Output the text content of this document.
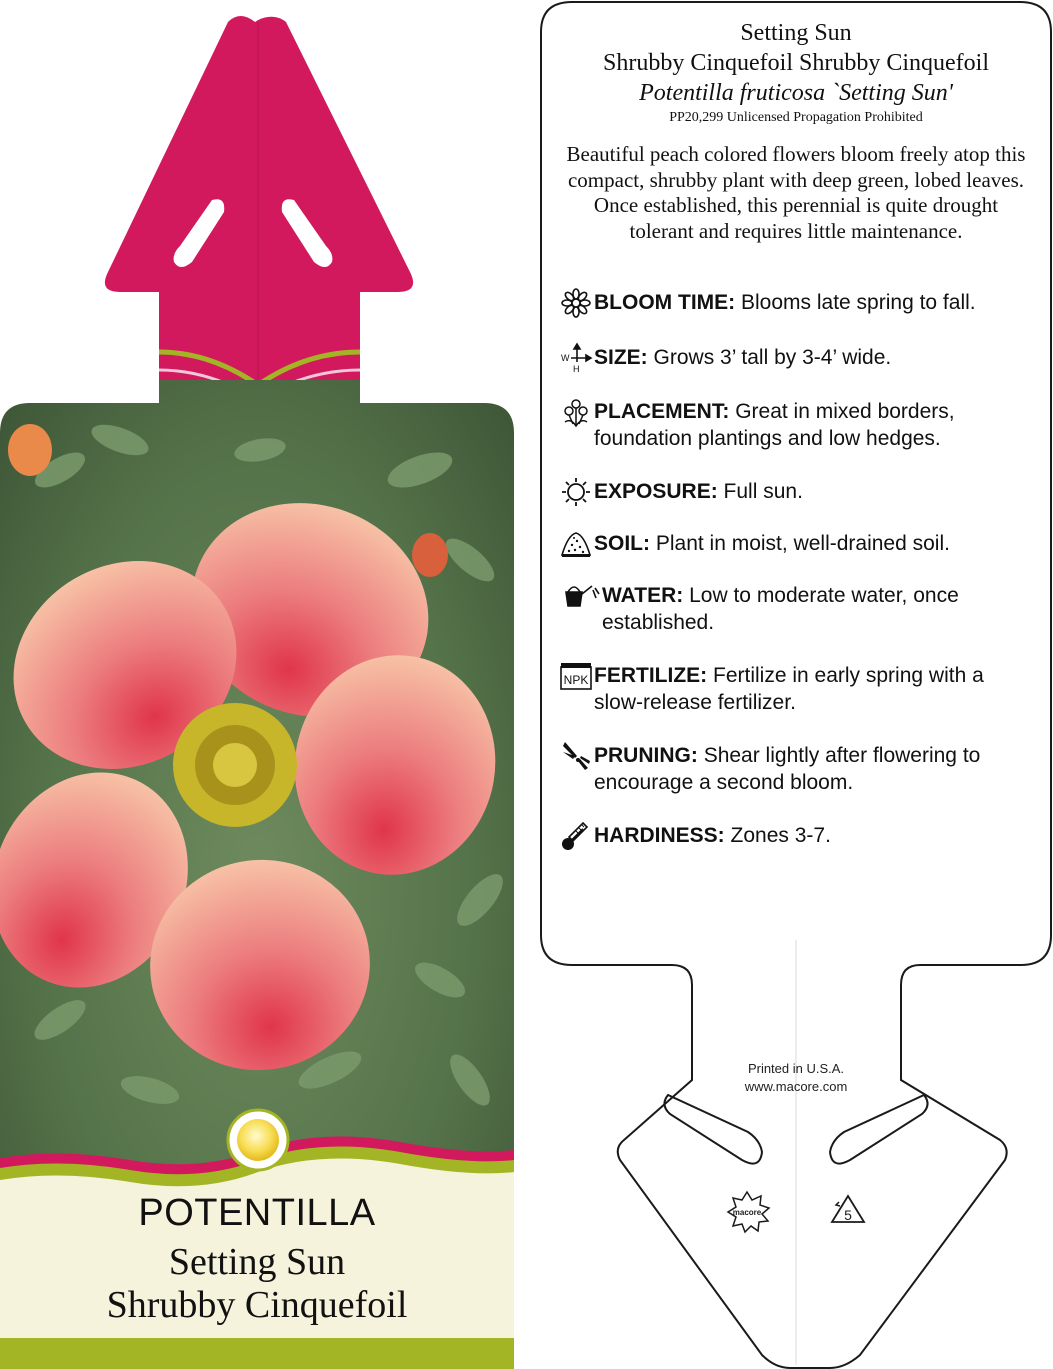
POTENTILLA
Setting Sun
Shrubby Cinquefoil
macore	5
Setting Sun
Shrubby Cinquefoil Shrubby Cinquefoil
Potentilla fruticosa `Setting Sun'
PP20,299 Unlicensed Propagation Prohibited
Beautiful peach colored flowers bloom freely atop this compact, shrubby plant with deep green, lobed leaves. Once established, this perennial is quite drought tolerant and requires little maintenance.
BLOOM TIME: Blooms late spring to fall.
W
H SIZE: Grows 3’ tall by 3-4’ wide.
PLACEMENT: Great in mixed borders, foundation plantings and low hedges.
EXPOSURE: Full sun.
SOIL: Plant in moist, well-drained soil.
WATER: Low to moderate water, once established.
NPK FERTILIZE: Fertilize in early spring with a slow-release fertilizer.
PRUNING: Shear lightly after flowering to encourage a second bloom.
HARDINESS: Zones 3-7.
Printed in U.S.A.
www.macore.com
